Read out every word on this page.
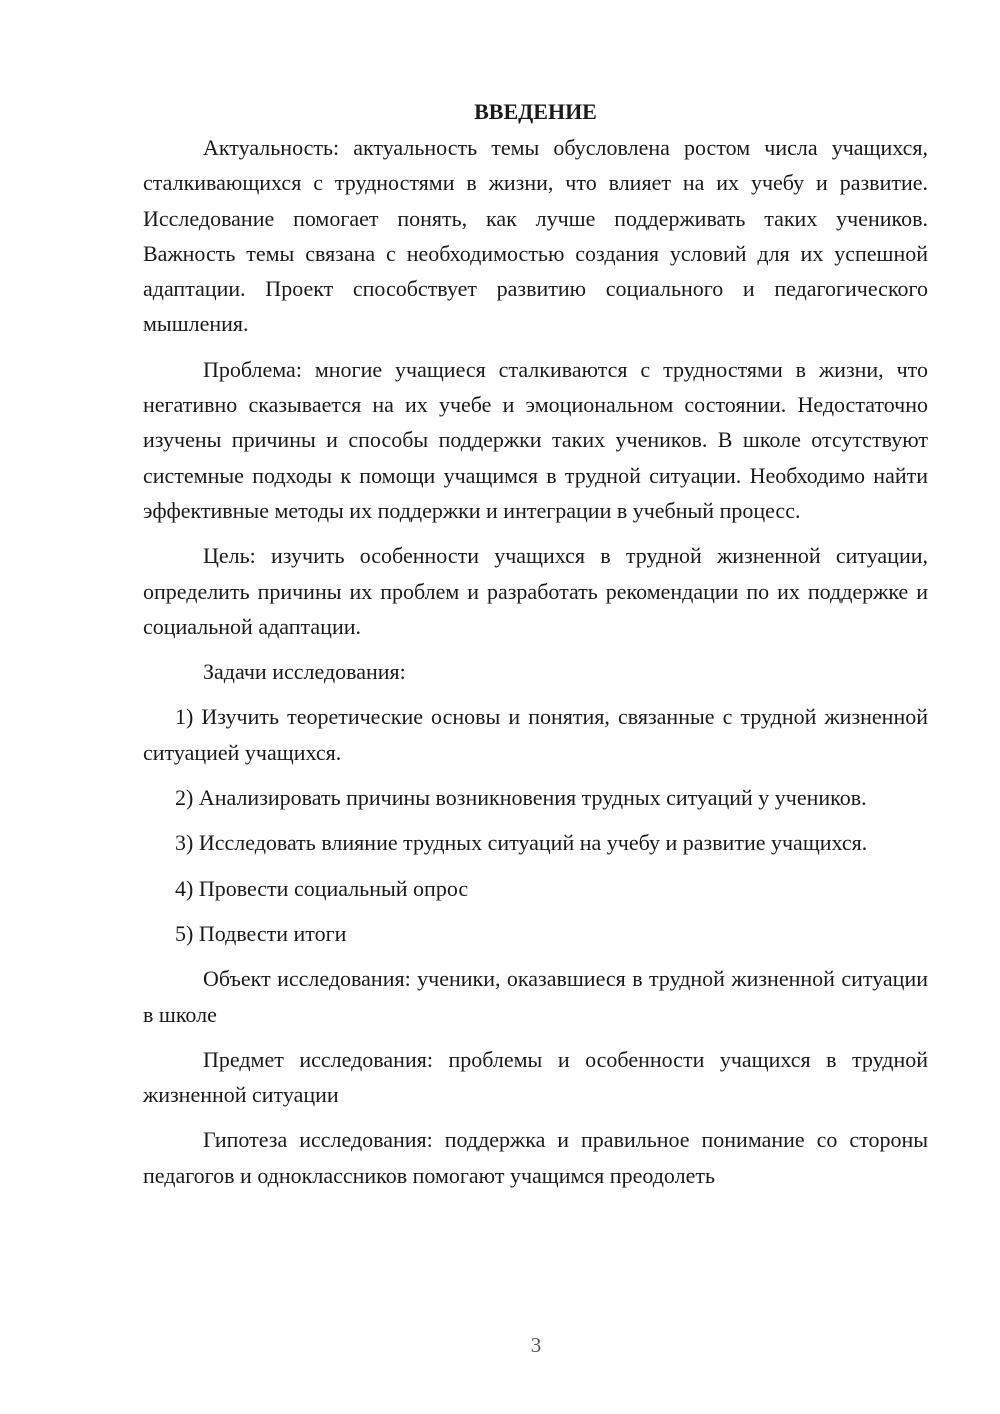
ВВЕДЕНИЕ

Актуальность: актуальность темы обусловлена ростом числа учащихся, сталкивающихся с трудностями в жизни, что влияет на их учебу и развитие. Исследование помогает понять, как лучше поддерживать таких учеников. Важность темы связана с необходимостью создания условий для их успешной адаптации. Проект способствует развитию социального и педагогического мышления.

Проблема: многие учащиеся сталкиваются с трудностями в жизни, что негативно сказывается на их учебе и эмоциональном состоянии. Недостаточно изучены причины и способы поддержки таких учеников. В школе отсутствуют системные подходы к помощи учащимся в трудной ситуации. Необходимо найти эффективные методы их поддержки и интеграции в учебный процесс.

Цель: изучить особенности учащихся в трудной жизненной ситуации, определить причины их проблем и разработать рекомендации по их поддержке и социальной адаптации.

Задачи исследования:

1) Изучить теоретические основы и понятия, связанные с трудной жизненной ситуацией учащихся.

2) Анализировать причины возникновения трудных ситуаций у учеников.

3) Исследовать влияние трудных ситуаций на учебу и развитие учащихся.

4) Провести социальный опрос

5) Подвести итоги

Объект исследования: ученики, оказавшиеся в трудной жизненной ситуации в школе

Предмет исследования: проблемы и особенности учащихся в трудной жизненной ситуации

Гипотеза исследования: поддержка и правильное понимание со стороны педагогов и одноклассников помогают учащимся преодолеть

3
